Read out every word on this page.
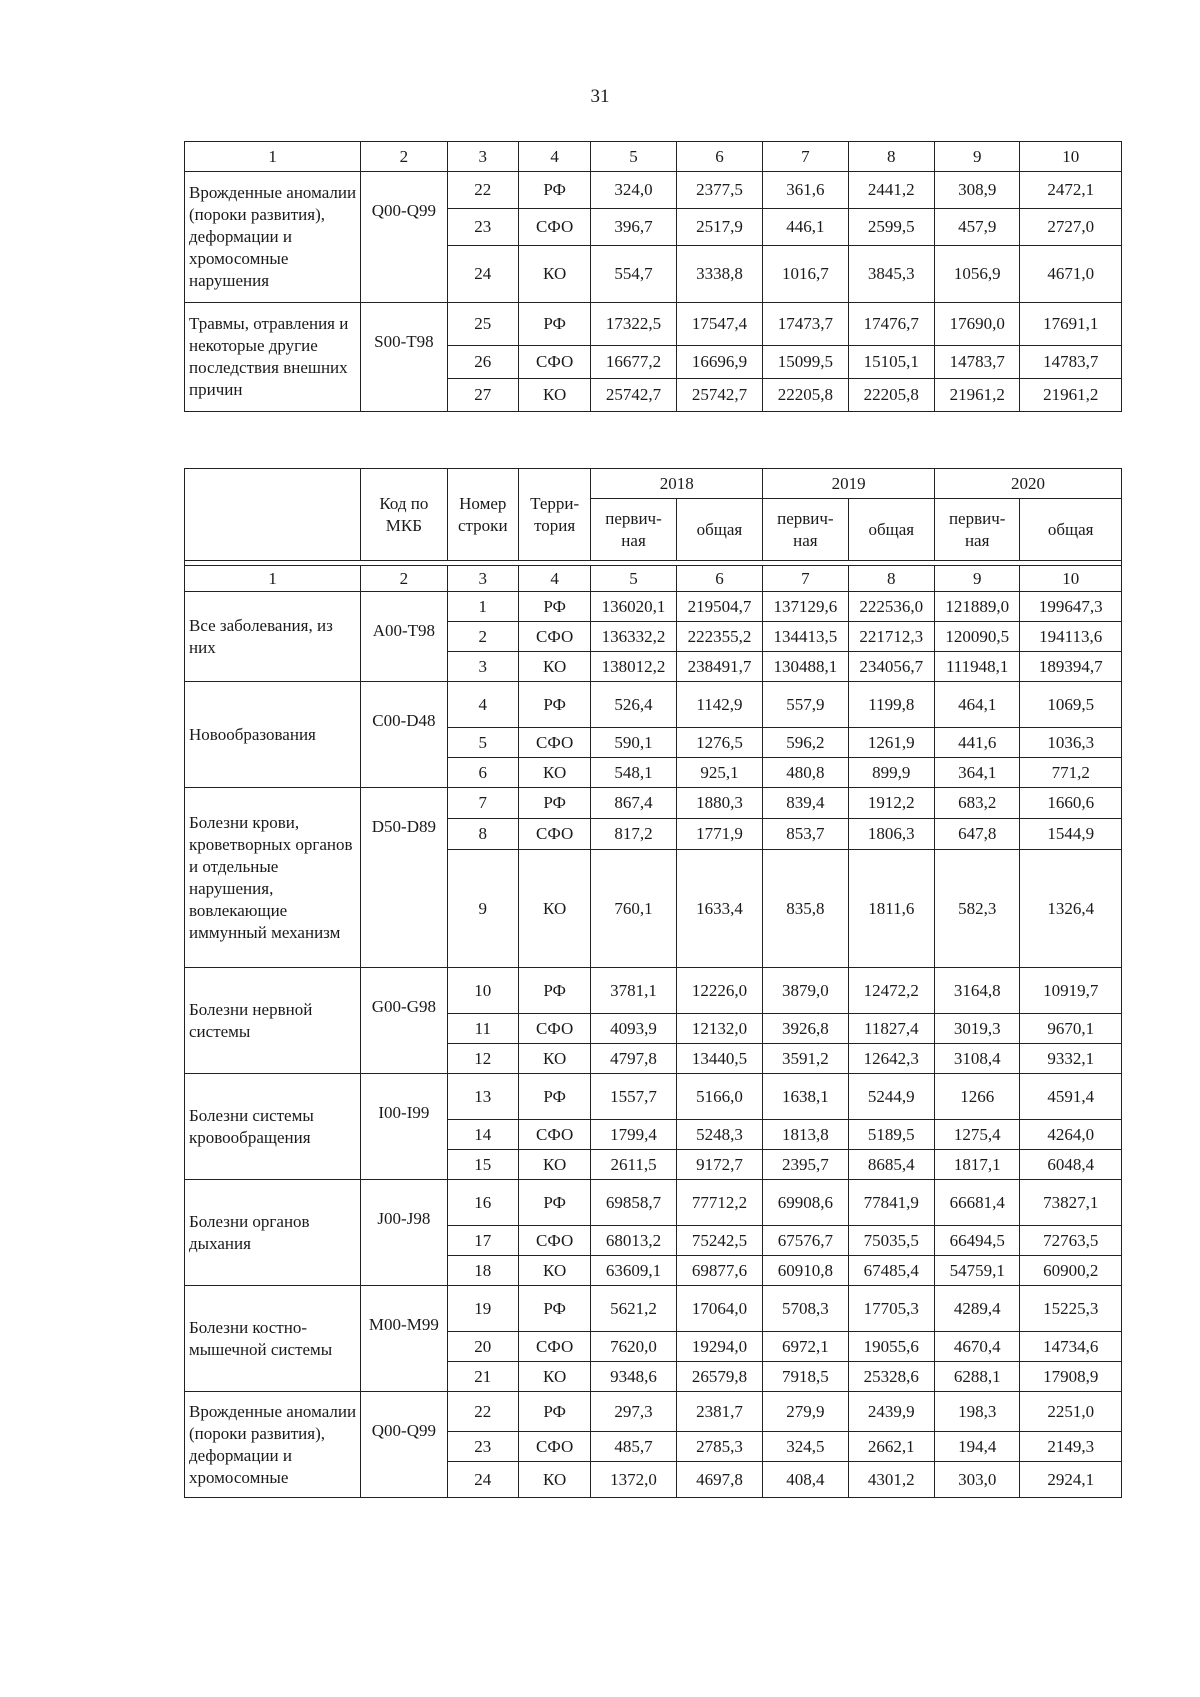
31
1	2	3	4	5	6	7	8	9	10
Врожденные аномалии (пороки развития), деформации и хромосомные нарушения	Q00-Q99	22	РФ	324,0	2377,5	361,6	2441,2	308,9	2472,1
		23	СФО	396,7	2517,9	446,1	2599,5	457,9	2727,0
		24	КО	554,7	3338,8	1016,7	3845,3	1056,9	4671,0
Травмы, отравления и некоторые другие последствия внешних причин	S00-T98	25	РФ	17322,5	17547,4	17473,7	17476,7	17690,0	17691,1
		26	СФО	16677,2	16696,9	15099,5	15105,1	14783,7	14783,7
		27	КО	25742,7	25742,7	22205,8	22205,8	21961,2	21961,2
	Код по МКБ	Номер строки	Терри-тория	2018		2019		2020	
				первич-ная	общая	первич-ная	общая	первич-ная	общая

1	2	3	4	5	6	7	8	9	10
Все заболевания, из них	A00-T98	1	РФ	136020,1	219504,7	137129,6	222536,0	121889,0	199647,3
		2	СФО	136332,2	222355,2	134413,5	221712,3	120090,5	194113,6
		3	КО	138012,2	238491,7	130488,1	234056,7	111948,1	189394,7
Новообразования	C00-D48	4	РФ	526,4	1142,9	557,9	1199,8	464,1	1069,5
		5	СФО	590,1	1276,5	596,2	1261,9	441,6	1036,3
		6	КО	548,1	925,1	480,8	899,9	364,1	771,2
Болезни крови, кроветворных органов и отдельные нарушения, вовлекающие иммунный механизм	D50-D89	7	РФ	867,4	1880,3	839,4	1912,2	683,2	1660,6
		8	СФО	817,2	1771,9	853,7	1806,3	647,8	1544,9
		9	КО	760,1	1633,4	835,8	1811,6	582,3	1326,4
Болезни нервной системы	G00-G98	10	РФ	3781,1	12226,0	3879,0	12472,2	3164,8	10919,7
		11	СФО	4093,9	12132,0	3926,8	11827,4	3019,3	9670,1
		12	КО	4797,8	13440,5	3591,2	12642,3	3108,4	9332,1
Болезни системы кровообращения	I00-I99	13	РФ	1557,7	5166,0	1638,1	5244,9	1266	4591,4
		14	СФО	1799,4	5248,3	1813,8	5189,5	1275,4	4264,0
		15	КО	2611,5	9172,7	2395,7	8685,4	1817,1	6048,4
Болезни органов дыхания	J00-J98	16	РФ	69858,7	77712,2	69908,6	77841,9	66681,4	73827,1
		17	СФО	68013,2	75242,5	67576,7	75035,5	66494,5	72763,5
		18	КО	63609,1	69877,6	60910,8	67485,4	54759,1	60900,2
Болезни костно-мышечной системы	M00-M99	19	РФ	5621,2	17064,0	5708,3	17705,3	4289,4	15225,3
		20	СФО	7620,0	19294,0	6972,1	19055,6	4670,4	14734,6
		21	КО	9348,6	26579,8	7918,5	25328,6	6288,1	17908,9
Врожденные аномалии (пороки развития), деформации и хромосомные	Q00-Q99	22	РФ	297,3	2381,7	279,9	2439,9	198,3	2251,0
		23	СФО	485,7	2785,3	324,5	2662,1	194,4	2149,3
		24	КО	1372,0	4697,8	408,4	4301,2	303,0	2924,1
